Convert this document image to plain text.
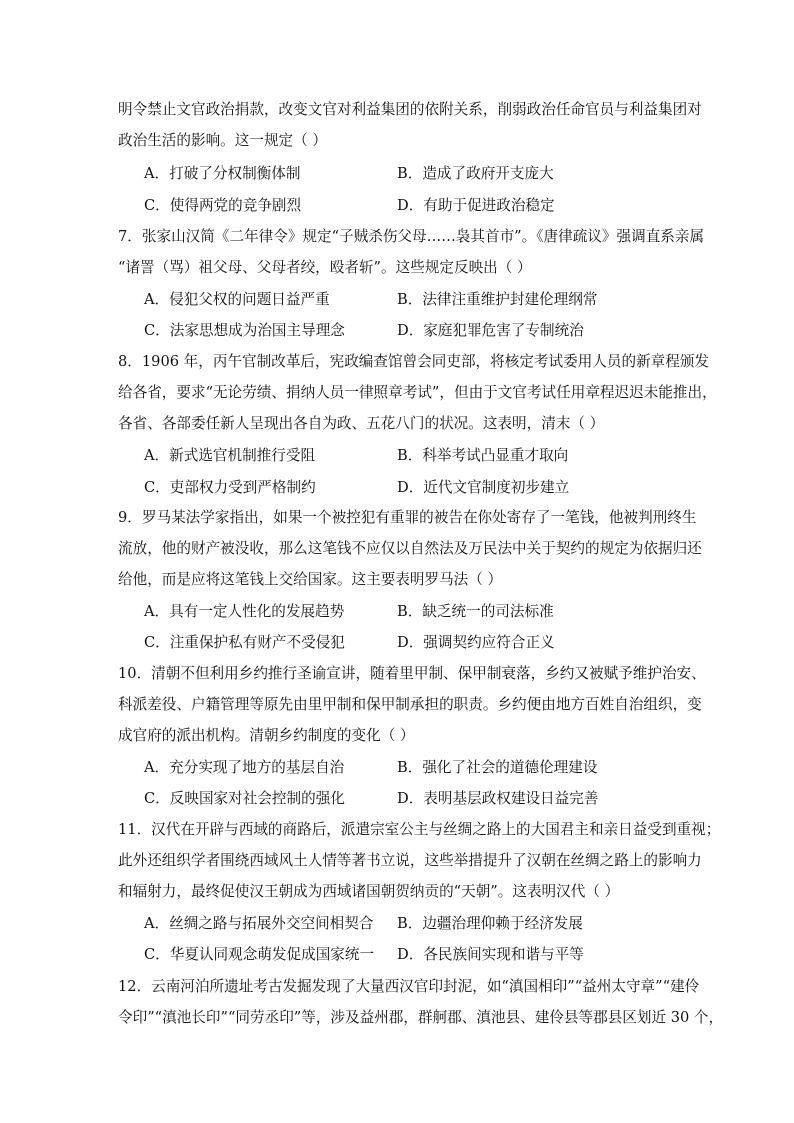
明令禁止文官政治捐款，改变文官对利益集团的依附关系，削弱政治任命官员与利益集团对
政治生活的影响。这一规定（ ）
A．打破了分权制衡体制	B．造成了政府开支庞大
C．使得两党的竞争剧烈	D．有助于促进政治稳定
7．张家山汉简《二年律令》规定“子贼杀伤父母……袅其首市”。《唐律疏议》强调直系亲属
“诸詈（骂）祖父母、父母者绞，殴者斩”。这些规定反映出（ ）
A．侵犯父权的问题日益严重	B．法律注重维护封建伦理纲常
C．法家思想成为治国主导理念	D．家庭犯罪危害了专制统治
8．1906 年，丙午官制改革后，宪政编查馆曾会同吏部，将核定考试委用人员的新章程颁发
给各省，要求“无论劳绩、捐纳人员一律照章考试”，但由于文官考试任用章程迟迟未能推出，
各省、各部委任新人呈现出各自为政、五花八门的状况。这表明，清末（ ）
A．新式选官机制推行受阻	B．科举考试凸显重才取向
C．吏部权力受到严格制约	D．近代文官制度初步建立
9．罗马某法学家指出，如果一个被控犯有重罪的被告在你处寄存了一笔钱，他被判刑终生
流放，他的财产被没收，那么这笔钱不应仅以自然法及万民法中关于契约的规定为依据归还
给他，而是应将这笔钱上交给国家。这主要表明罗马法（ ）
A．具有一定人性化的发展趋势	B．缺乏统一的司法标准
C．注重保护私有财产不受侵犯	D．强调契约应符合正义
10．清朝不但利用乡约推行圣谕宣讲，随着里甲制、保甲制衰落，乡约又被赋予维护治安、
科派差役、户籍管理等原先由里甲制和保甲制承担的职责。乡约便由地方百姓自治组织，变
成官府的派出机构。清朝乡约制度的变化（ ）
A．充分实现了地方的基层自治	B．强化了社会的道德伦理建设
C．反映国家对社会控制的强化	D．表明基层政权建设日益完善
11．汉代在开辟与西域的商路后，派遣宗室公主与丝绸之路上的大国君主和亲日益受到重视；
此外还组织学者围绕西域风土人情等著书立说，这些举措提升了汉朝在丝绸之路上的影响力
和辐射力，最终促使汉王朝成为西域诸国朝贺纳贡的“天朝”。这表明汉代（ ）
A．丝绸之路与拓展外交空间相契合 B．边疆治理仰赖于经济发展
C．华夏认同观念萌发促成国家统一 D．各民族间实现和谐与平等
12．云南河泊所遗址考古发掘发现了大量西汉官印封泥，如“滇国相印”“益州太守章”“建伶
令印”“滇池长印”“同劳丞印”等，涉及益州郡，群舸郡、滇池县、建伶县等郡县区划近 30 个，
